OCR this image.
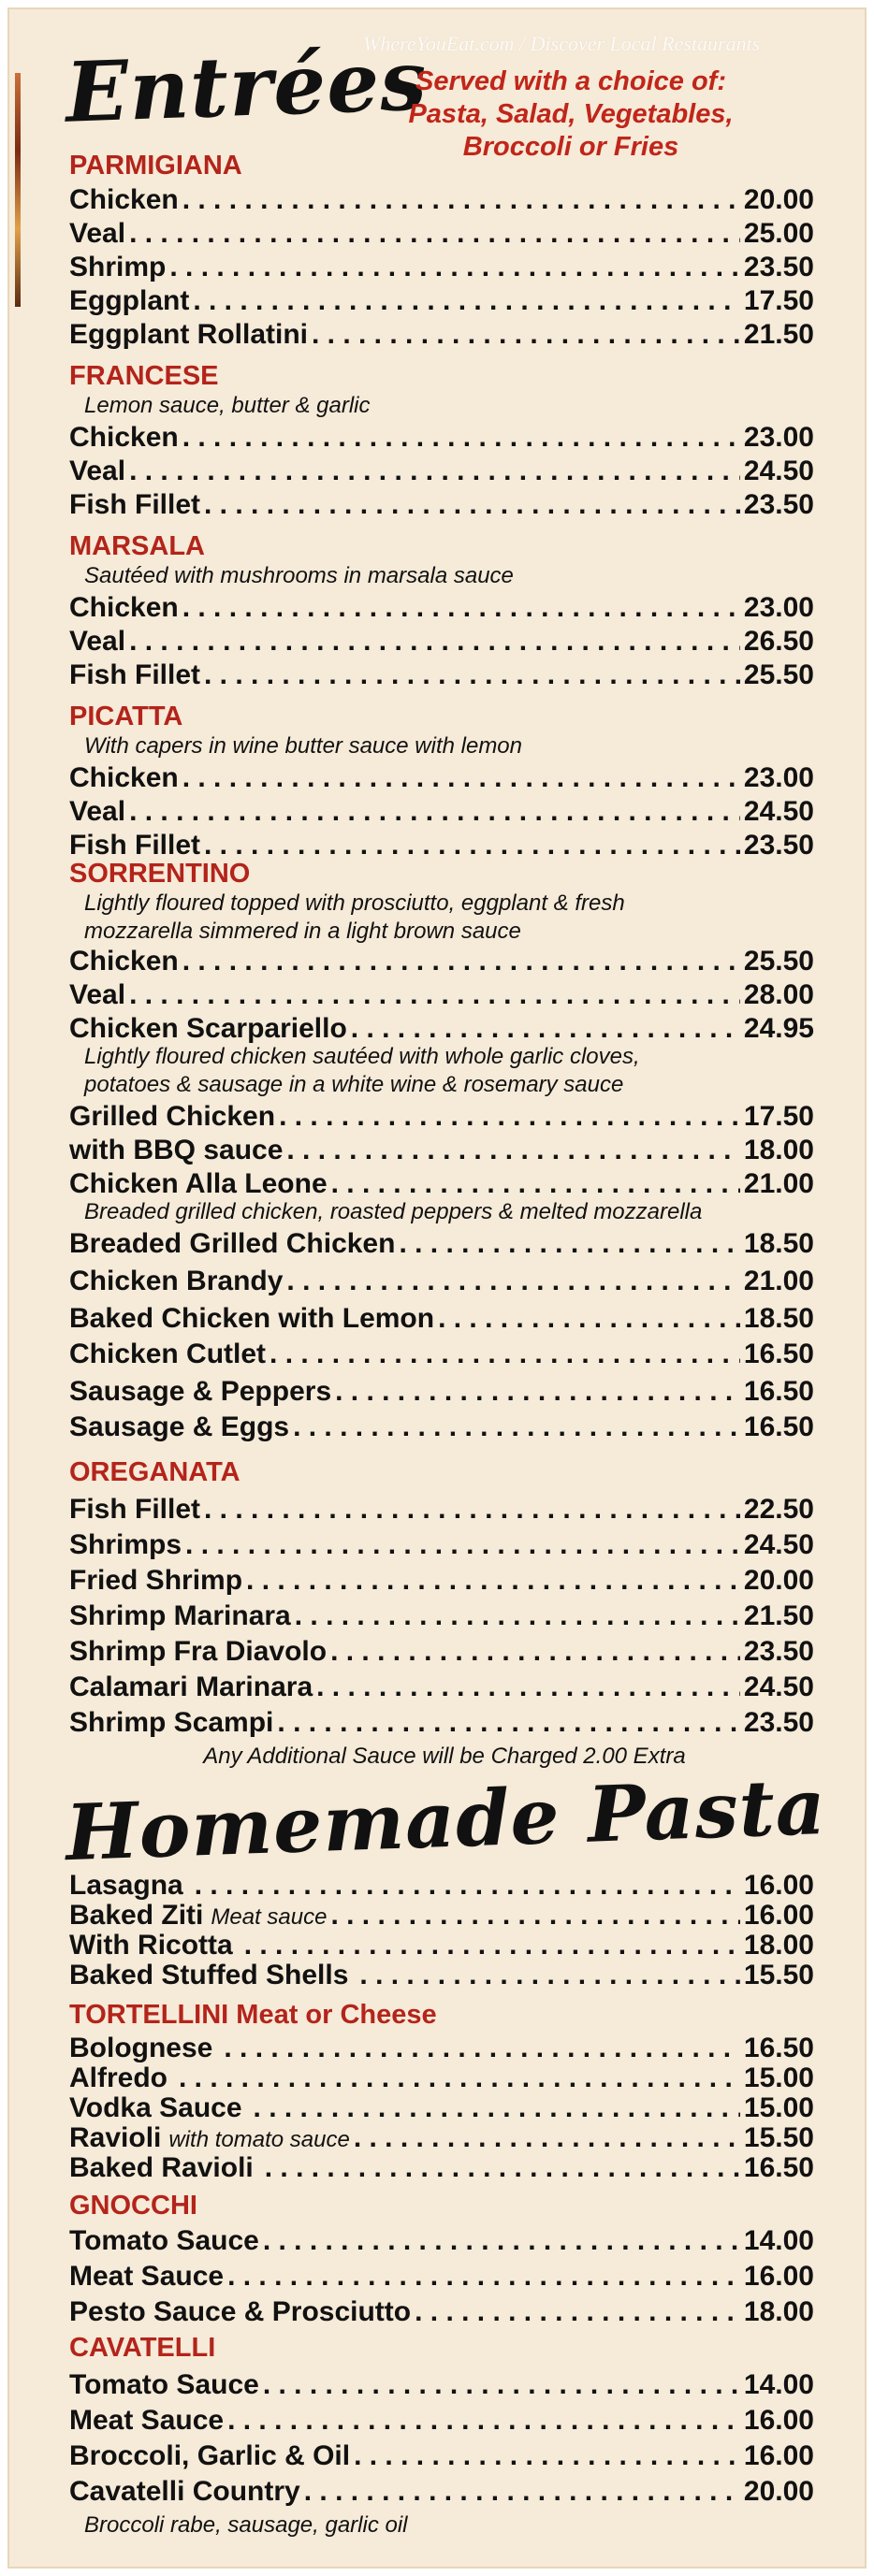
WhereYouEat.com / Discover Local Restaurants
Entrées
Served with a choice of:
Pasta, Salad, Vegetables,
Broccoli or Fries
PARMIGIANA
Chicken . . .	20.00
Veal . . .	25.00
Shrimp . . .	23.50
Eggplant . . .	17.50
Eggplant Rollatini . . .	21.50
FRANCESE
Lemon sauce, butter & garlic
Chicken . . .	23.00
Veal . . .	24.50
Fish Fillet . . .	23.50
MARSALA
Sautéed with mushrooms in marsala sauce
Chicken . . .	23.00
Veal . . .	26.50
Fish Fillet . . .	25.50
PICATTA
With capers in wine butter sauce with lemon
Chicken . . .	23.00
Veal . . .	24.50
Fish Fillet . . .	23.50
SORRENTINO
Lightly floured topped with prosciutto, eggplant & fresh
mozzarella simmered in a light brown sauce
Chicken . . .	25.50
Veal . . .	28.00
Chicken Scarpariello . . .	24.95
Lightly floured chicken sautéed with whole garlic cloves,
potatoes & sausage in a white wine & rosemary sauce
Grilled Chicken . . .	17.50
with BBQ sauce . . .	18.00
Chicken Alla Leone . . .	21.00
Breaded grilled chicken, roasted peppers & melted mozzarella
Breaded Grilled Chicken . . .	18.50
Chicken Brandy . . .	21.00
Baked Chicken with Lemon . . .	18.50
Chicken Cutlet . . .	16.50
Sausage & Peppers . . .	16.50
Sausage & Eggs . . .	16.50
OREGANATA
Fish Fillet . . .	22.50
Shrimps . . .	24.50
Fried Shrimp . . .	20.00
Shrimp Marinara . . .	21.50
Shrimp Fra Diavolo . . .	23.50
Calamari Marinara . . .	24.50
Shrimp Scampi . . .	23.50
Any Additional Sauce will be Charged 2.00 Extra
Homemade Pasta
Lasagna . . .	16.00
Baked Ziti Meat sauce . . .	16.00
With Ricotta . . .	18.00
Baked Stuffed Shells . . .	15.50
TORTELLINI Meat or Cheese
Bolognese . . .	16.50
Alfredo . . .	15.00
Vodka Sauce . . .	15.00
Ravioli with tomato sauce . . .	15.50
Baked Ravioli . . .	16.50
GNOCCHI
Tomato Sauce . . .	14.00
Meat Sauce . . .	16.00
Pesto Sauce & Prosciutto . . .	18.00
CAVATELLI
Tomato Sauce . . .	14.00
Meat Sauce . . .	16.00
Broccoli, Garlic & Oil . . .	16.00
Cavatelli Country . . .	20.00
Broccoli rabe, sausage, garlic oil
